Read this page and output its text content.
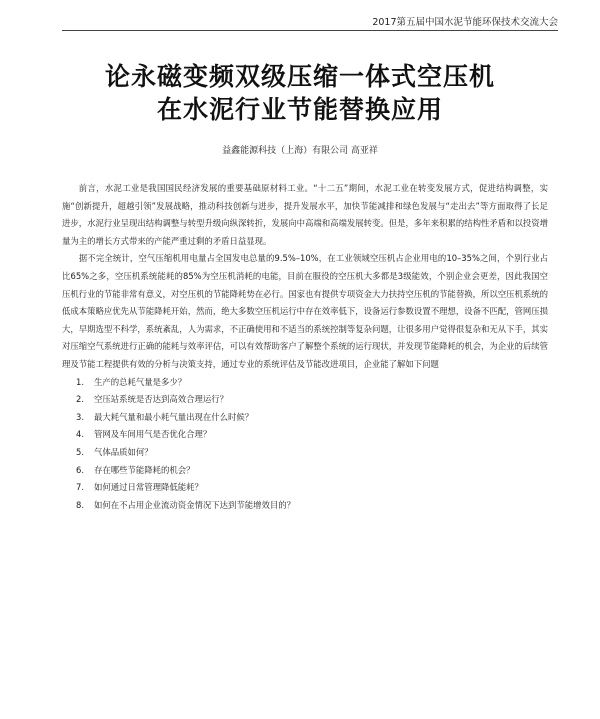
2017第五届中国水泥节能环保技术交流大会
论永磁变频双级压缩一体式空压机
在水泥行业节能替换应用
益鑫能源科技（上海）有限公司 高亚祥

前言，水泥工业是我国国民经济发展的重要基础原材料工业。“十二五”期间，水泥工业在转变发展方式，促进结构调整，实施“创新提升，超越引领”发展战略，推动科技创新与进步，提升发展水平，加快节能减排和绿色发展与“走出去”等方面取得了长足进步，水泥行业呈现出结构调整与转型升级向纵深转折，发展向中高端和高端发展转变。但是，多年来积累的结构性矛盾和以投资增量为主的增长方式带来的产能严重过剩的矛盾日益显现。

据不完全统计，空气压缩机用电量占全国发电总量的9.5%–10%，在工业领域空压机占企业用电的10–35%之间，个别行业占比65%之多，空压机系统能耗的85%为空压机消耗的电能，目前在服役的空压机大多都是3级能效，个别企业会更差，因此我国空压机行业的节能非常有意义，对空压机的节能降耗势在必行。国家也有提供专项资金大力扶持空压机的节能替换，所以空压机系统的低成本策略应优先从节能降耗开始，然而，绝大多数空压机运行中存在效率低下，设备运行参数设置不理想，设备不匹配，管网压损大，早期选型不科学，系统紊乱，人为需求，不正确使用和不适当的系统控制等复杂问题，让很多用户觉得很复杂和无从下手，其实对压缩空气系统进行正确的能耗与效率评估，可以有效帮助客户了解整个系统的运行现状，并发现节能降耗的机会，为企业的后续管理及节能工程提供有效的分析与决策支持，通过专业的系统评估及节能改进项目，企业能了解如下问题

1. 生产的总耗气量是多少？
2. 空压站系统是否达到高效合理运行？
3. 最大耗气量和最小耗气量出现在什么时候？
4. 管网及车间用气是否优化合理？
5. 气体品质如何？
6. 存在哪些节能降耗的机会？
7. 如何通过日常管理降低能耗？
8. 如何在不占用企业流动资金情况下达到节能增效目的？
